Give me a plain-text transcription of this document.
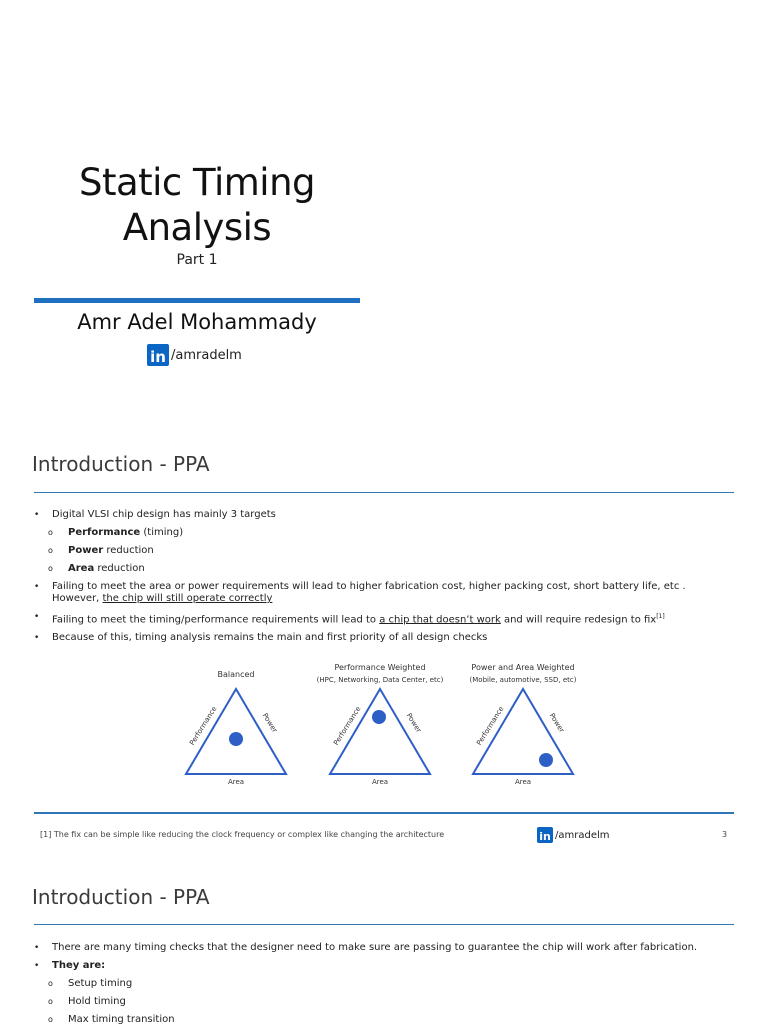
Static Timing
Analysis
Part 1
Amr Adel Mohammady
in /amradelm
Introduction - PPA
•	Digital VLSI chip design has mainly 3 targets
o	Performance (timing)
o	Power reduction
o	Area reduction
•	Failing to meet the area or power requirements will lead to higher fabrication cost, higher packing cost, short battery life, etc .
However, the chip will still operate correctly
•	Failing to meet the timing/performance requirements will lead to a chip that doesn’t work and will require redesign to fix[1]
•	Because of this, timing analysis remains the main and first priority of all design checks
Balanced
Performance	Power
Area
Performance Weighted
(HPC, Networking, Data Center, etc)
Performance	Power
Area
Power and Area Weighted
(Mobile, automotive, SSD, etc)
Performance	Power
Area
[1] The fix can be simple like reducing the clock frequency or complex like changing the architecture	in /amradelm	3
Introduction - PPA
•	There are many timing checks that the designer need to make sure are passing to guarantee the chip will work after fabrication.
•	They are:
o	Setup timing
o	Hold timing
o	Max timing transition
